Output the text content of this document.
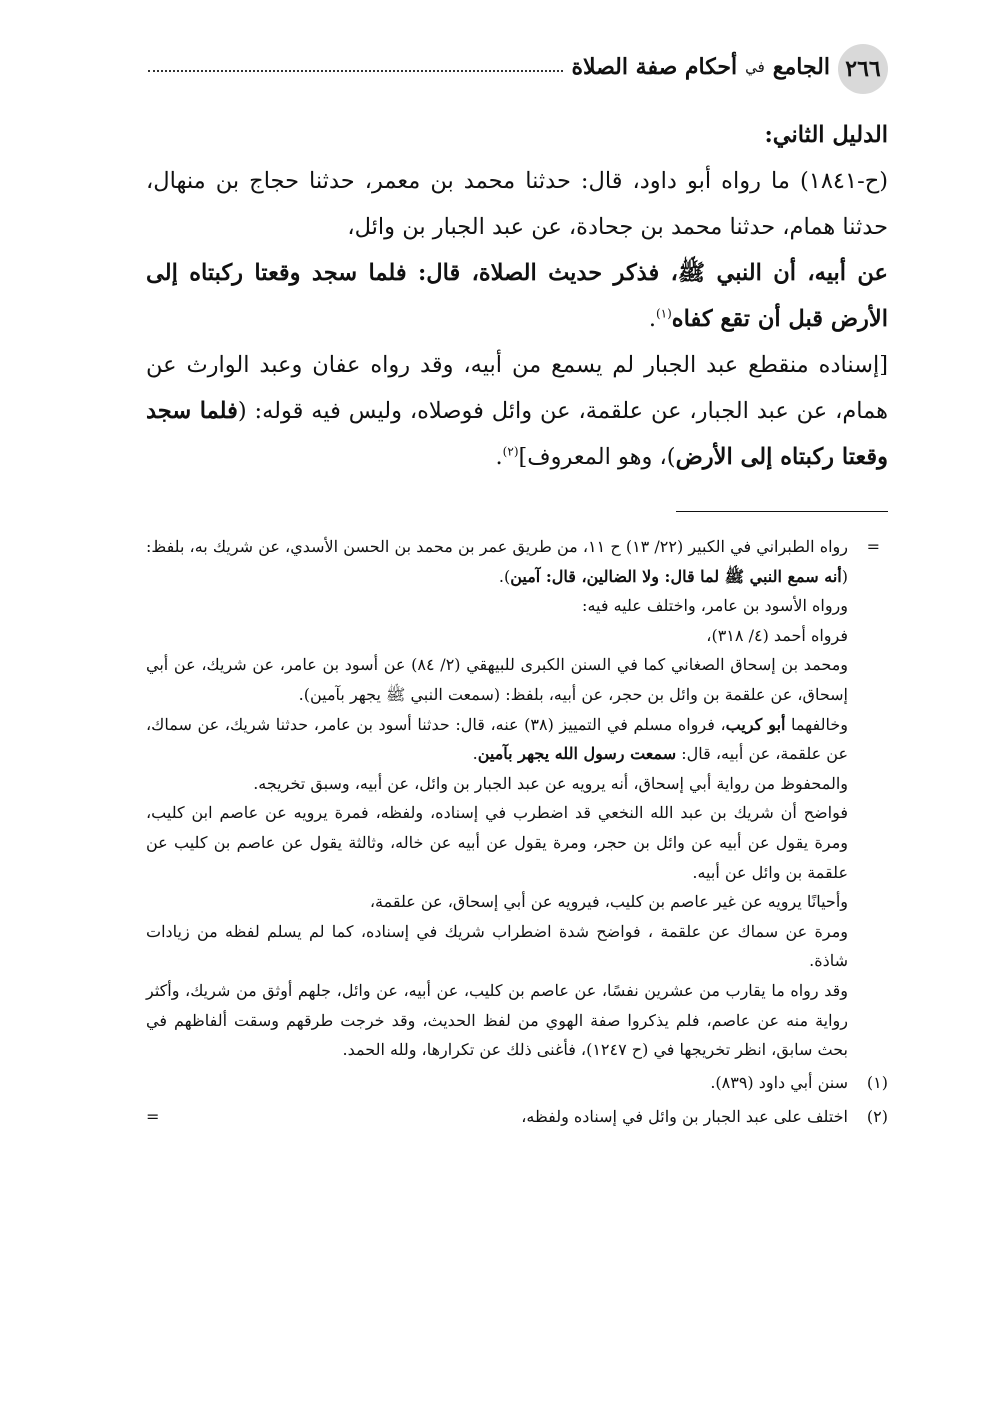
٢٦٦
الجامع
في
أحكام صفة الصلاة

الدليل الثاني:

(ح-١٨٤١) ما رواه أبو داود، قال: حدثنا محمد بن معمر، حدثنا حجاج بن منهال، حدثنا همام، حدثنا محمد بن جحادة، عن عبد الجبار بن وائل،

عن أبيه، أن النبي ﷺ، فذكر حديث الصلاة، قال: فلما سجد وقعتا ركبتاه إلى الأرض قبل أن تقع كفاه$^{(١)}$.

[إسناده منقطع عبد الجبار لم يسمع من أبيه، وقد رواه عفان وعبد الوارث عن همام، عن عبد الجبار، عن علقمة، عن وائل فوصلاه، وليس فيه قوله: (فلما سجد وقعتا ركبتاه إلى الأرض)، وهو المعروف]$^{(٢)}$.

=

رواه الطبراني في الكبير (٢٢/ ١٣) ح ١١، من طريق عمر بن محمد بن الحسن الأسدي، عن شريك به، بلفظ: (أنه سمع النبي ﷺ لما قال: ولا الضالين، قال: آمين).

ورواه الأسود بن عامر، واختلف عليه فيه:

فرواه أحمد (٤/ ٣١٨)،

ومحمد بن إسحاق الصغاني كما في السنن الكبرى للبيهقي (٢/ ٨٤) عن أسود بن عامر، عن شريك، عن أبي إسحاق، عن علقمة بن وائل بن حجر، عن أبيه، بلفظ: (سمعت النبي ﷺ يجهر بآمين).

وخالفهما أبو كريب، فرواه مسلم في التمييز (٣٨) عنه، قال: حدثنا أسود بن عامر، حدثنا شريك، عن سماك، عن علقمة، عن أبيه، قال: سمعت رسول الله يجهر بآمين.

والمحفوظ من رواية أبي إسحاق، أنه يرويه عن عبد الجبار بن وائل، عن أبيه، وسبق تخريجه.

فواضح أن شريك بن عبد الله النخعي قد اضطرب في إسناده، ولفظه، فمرة يرويه عن عاصم ابن كليب، ومرة يقول عن أبيه عن وائل بن حجر، ومرة يقول عن أبيه عن خاله، وثالثة يقول عن عاصم بن كليب عن علقمة بن وائل عن أبيه.

وأحيانًا يرويه عن غير عاصم بن كليب، فيرويه عن أبي إسحاق، عن علقمة،

ومرة عن سماك عن علقمة ، فواضح شدة اضطراب شريك في إسناده، كما لم يسلم لفظه من زيادات شاذة.

وقد رواه ما يقارب من عشرين نفسًا، عن عاصم بن كليب، عن أبيه، عن وائل، جلهم أوثق من شريك، وأكثر رواية منه عن عاصم، فلم يذكروا صفة الهوي من لفظ الحديث، وقد خرجت طرقهم وسقت ألفاظهم في بحث سابق، انظر تخريجها في (ح ١٢٤٧)، فأغنى ذلك عن تكرارها، ولله الحمد.

(١)
سنن أبي داود (٨٣٩).
(٢)
اختلف على عبد الجبار بن وائل في إسناده ولفظه،
=
